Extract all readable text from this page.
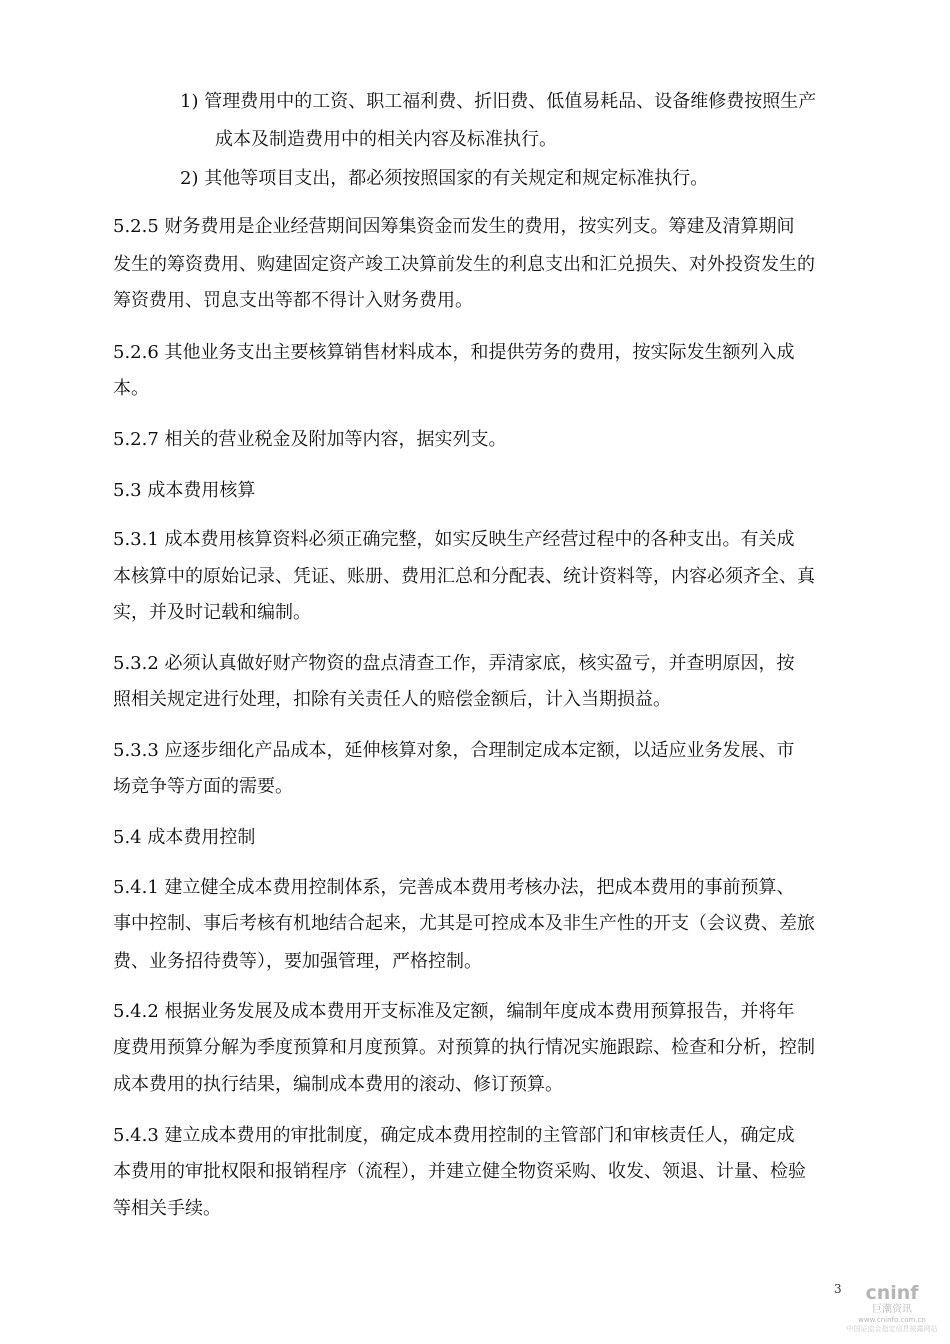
1) 管理费用中的工资、职工福利费、折旧费、低值易耗品、设备维修费按照生产

成本及制造费用中的相关内容及标准执行。

2) 其他等项目支出，都必须按照国家的有关规定和规定标准执行。

5.2.5 财务费用是企业经营期间因筹集资金而发生的费用，按实列支。筹建及清算期间

发生的筹资费用、购建固定资产竣工决算前发生的利息支出和汇兑损失、对外投资发生的

筹资费用、罚息支出等都不得计入财务费用。

5.2.6 其他业务支出主要核算销售材料成本，和提供劳务的费用，按实际发生额列入成

本。

5.2.7 相关的营业税金及附加等内容，据实列支。

5.3 成本费用核算

5.3.1 成本费用核算资料必须正确完整，如实反映生产经营过程中的各种支出。有关成

本核算中的原始记录、凭证、账册、费用汇总和分配表、统计资料等，内容必须齐全、真

实，并及时记载和编制。

5.3.2 必须认真做好财产物资的盘点清查工作，弄清家底，核实盈亏，并查明原因，按

照相关规定进行处理，扣除有关责任人的赔偿金额后，计入当期损益。

5.3.3 应逐步细化产品成本，延伸核算对象，合理制定成本定额，以适应业务发展、市

场竞争等方面的需要。

5.4 成本费用控制

5.4.1 建立健全成本费用控制体系，完善成本费用考核办法，把成本费用的事前预算、

事中控制、事后考核有机地结合起来，尤其是可控成本及非生产性的开支（会议费、差旅

费、业务招待费等），要加强管理，严格控制。

5.4.2 根据业务发展及成本费用开支标准及定额，编制年度成本费用预算报告，并将年

度费用预算分解为季度预算和月度预算。对预算的执行情况实施跟踪、检查和分析，控制

成本费用的执行结果，编制成本费用的滚动、修订预算。

5.4.3 建立成本费用的审批制度，确定成本费用控制的主管部门和审核责任人，确定成

本费用的审批权限和报销程序（流程），并建立健全物资采购、收发、领退、计量、检验

等相关手续。

3	cninf
巨潮资讯
www.cninfo.com.cn
中国证监会指定信息披露网站
